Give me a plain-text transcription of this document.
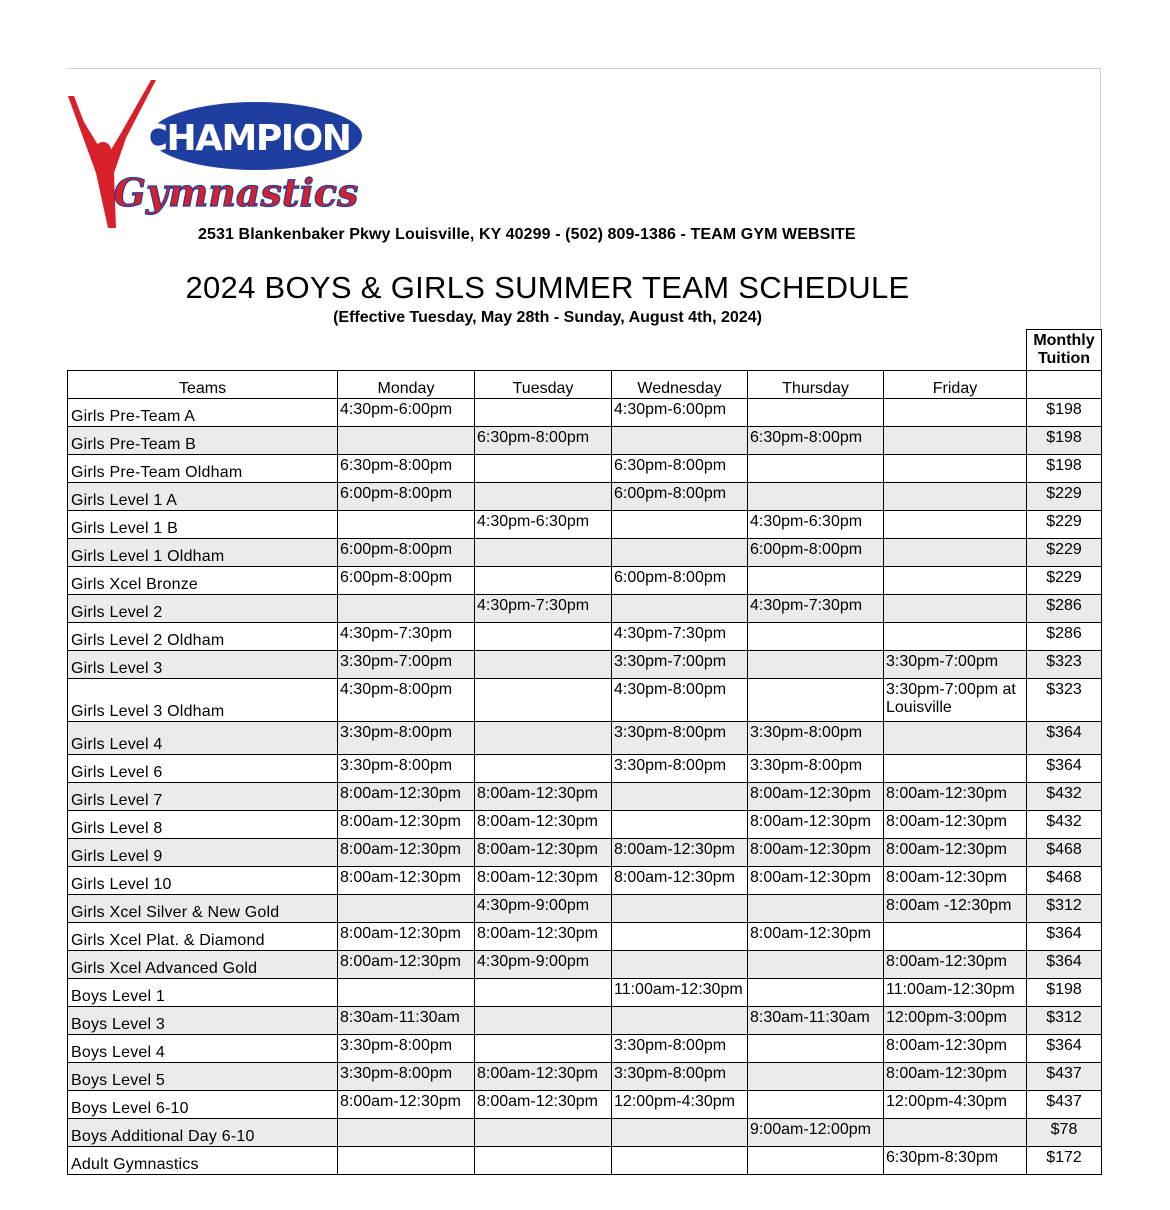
CHAMPION
Gymnastics
2531 Blankenbaker Pkwy Louisville, KY 40299 - (502) 809-1386 - TEAM GYM WEBSITE
2024 BOYS & GIRLS SUMMER TEAM SCHEDULE
(Effective Tuesday, May 28th - Sunday, August 4th, 2024)

						Monthly
Tuition

Teams	Monday	Tuesday	Wednesday	Thursday	Friday	
Girls Pre-Team A	4:30pm-6:00pm		4:30pm-6:00pm			$198
Girls Pre-Team B		6:30pm-8:00pm		6:30pm-8:00pm		$198
Girls Pre-Team Oldham	6:30pm-8:00pm		6:30pm-8:00pm			$198
Girls Level 1 A	6:00pm-8:00pm		6:00pm-8:00pm			$229
Girls Level 1 B		4:30pm-6:30pm		4:30pm-6:30pm		$229
Girls Level 1 Oldham	6:00pm-8:00pm			6:00pm-8:00pm		$229
Girls Xcel Bronze	6:00pm-8:00pm		6:00pm-8:00pm			$229
Girls Level 2		4:30pm-7:30pm		4:30pm-7:30pm		$286
Girls Level 2 Oldham	4:30pm-7:30pm		4:30pm-7:30pm			$286
Girls Level 3	3:30pm-7:00pm		3:30pm-7:00pm		3:30pm-7:00pm	$323
Girls Level 3 Oldham	4:30pm-8:00pm		4:30pm-8:00pm		3:30pm-7:00pm at Louisville	$323
Girls Level 4	3:30pm-8:00pm		3:30pm-8:00pm	3:30pm-8:00pm		$364
Girls Level 6	3:30pm-8:00pm		3:30pm-8:00pm	3:30pm-8:00pm		$364
Girls Level 7	8:00am-12:30pm	8:00am-12:30pm		8:00am-12:30pm	8:00am-12:30pm	$432
Girls Level 8	8:00am-12:30pm	8:00am-12:30pm		8:00am-12:30pm	8:00am-12:30pm	$432
Girls Level 9	8:00am-12:30pm	8:00am-12:30pm	8:00am-12:30pm	8:00am-12:30pm	8:00am-12:30pm	$468
Girls Level 10	8:00am-12:30pm	8:00am-12:30pm	8:00am-12:30pm	8:00am-12:30pm	8:00am-12:30pm	$468
Girls Xcel Silver & New Gold		4:30pm-9:00pm			8:00am -12:30pm	$312
Girls Xcel Plat. & Diamond	8:00am-12:30pm	8:00am-12:30pm		8:00am-12:30pm		$364
Girls Xcel Advanced Gold	8:00am-12:30pm	4:30pm-9:00pm			8:00am-12:30pm	$364
Boys Level 1			11:00am-12:30pm		11:00am-12:30pm	$198
Boys Level 3	8:30am-11:30am			8:30am-11:30am	12:00pm-3:00pm	$312
Boys Level 4	3:30pm-8:00pm		3:30pm-8:00pm		8:00am-12:30pm	$364
Boys Level 5	3:30pm-8:00pm	8:00am-12:30pm	3:30pm-8:00pm		8:00am-12:30pm	$437
Boys Level 6-10	8:00am-12:30pm	8:00am-12:30pm	12:00pm-4:30pm		12:00pm-4:30pm	$437
Boys Additional Day 6-10				9:00am-12:00pm		$78
Adult Gymnastics					6:30pm-8:30pm	$172
